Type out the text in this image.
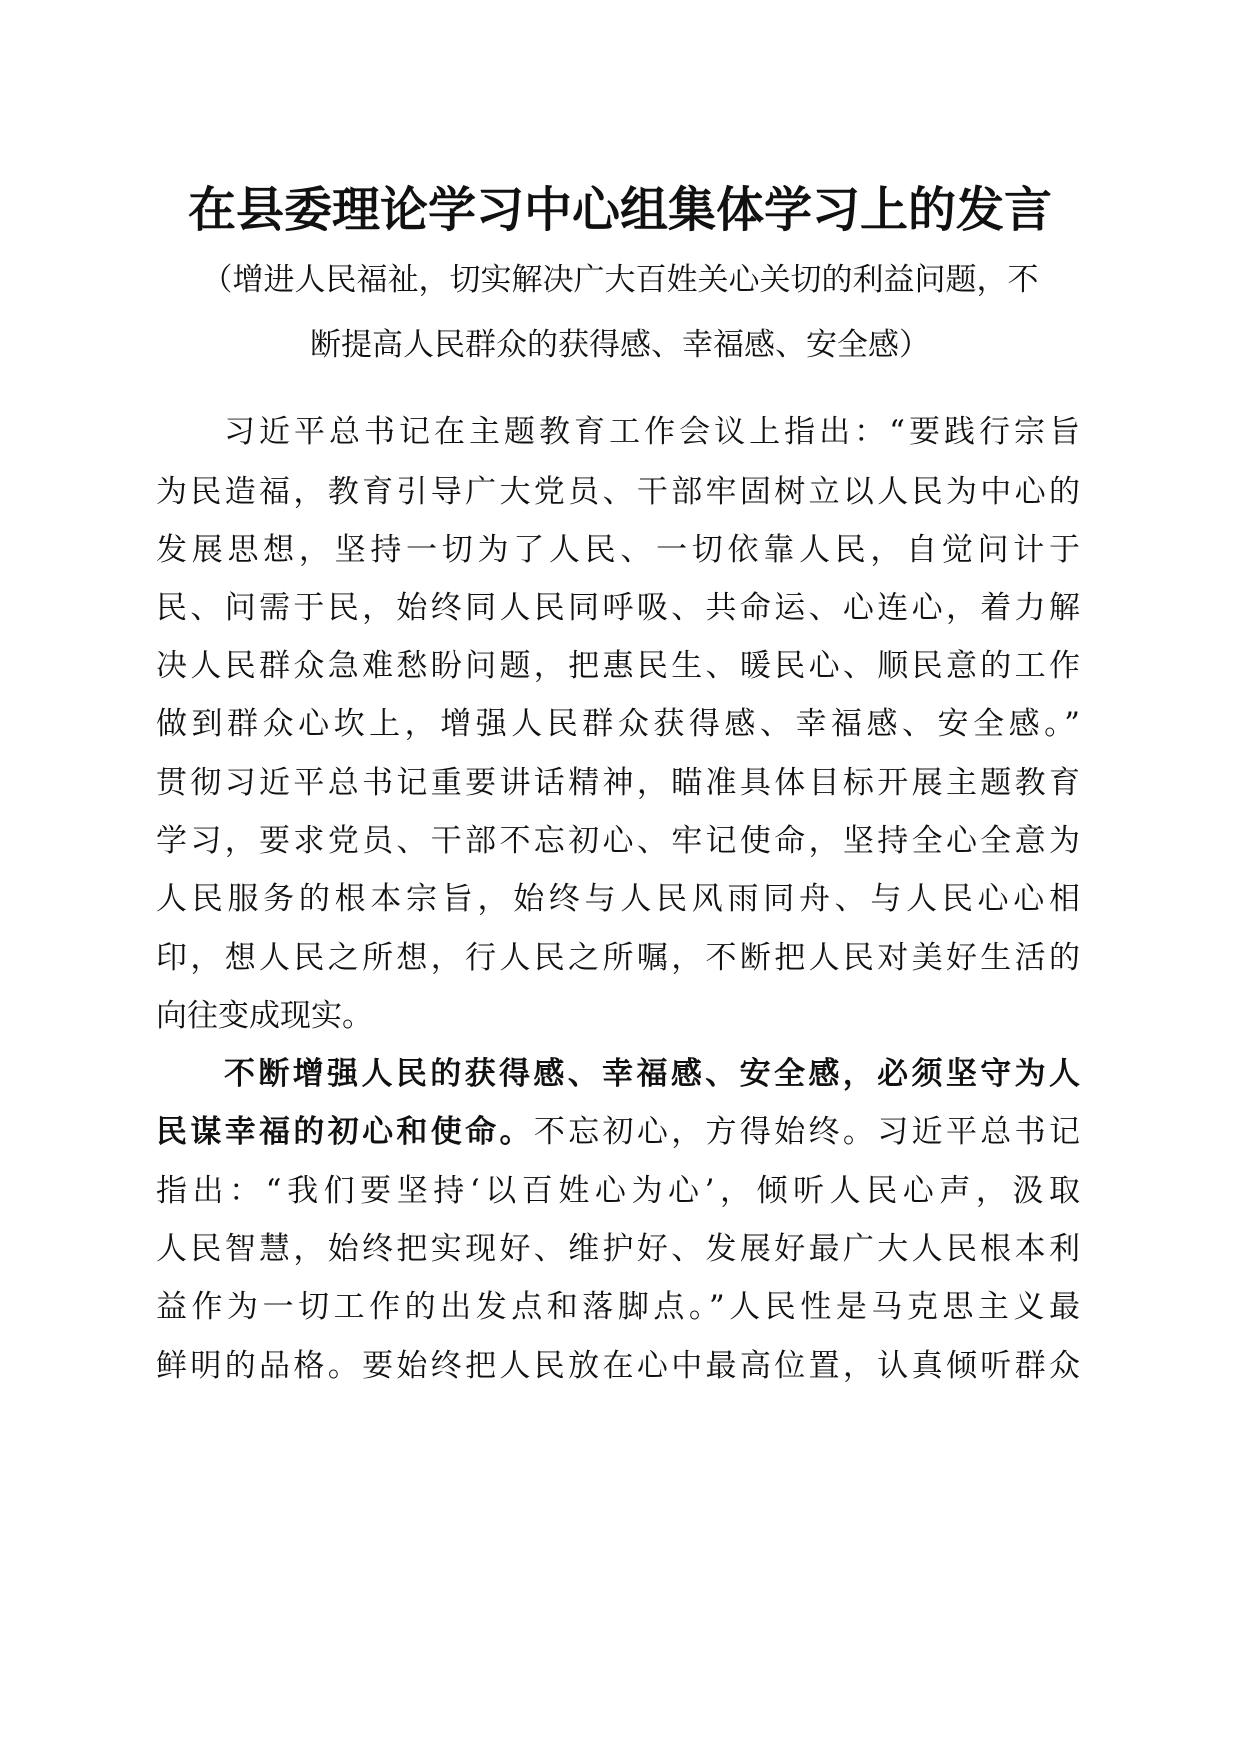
在县委理论学习中心组集体学习上的发言

（增进人民福祉，切实解决广大百姓关心关切的利益问题，不

断提高人民群众的获得感、幸福感、安全感）

习近平总书记在主题教育工作会议上指出：“要践行宗旨

为民造福，教育引导广大党员、干部牢固树立以人民为中心的

发展思想，坚持一切为了人民、一切依靠人民，自觉问计于

民、问需于民，始终同人民同呼吸、共命运、心连心，着力解

决人民群众急难愁盼问题，把惠民生、暖民心、顺民意的工作

做到群众心坎上，增强人民群众获得感、幸福感、安全感。”

贯彻习近平总书记重要讲话精神，瞄准具体目标开展主题教育

学习，要求党员、干部不忘初心、牢记使命，坚持全心全意为

人民服务的根本宗旨，始终与人民风雨同舟、与人民心心相

印，想人民之所想，行人民之所嘱，不断把人民对美好生活的

向往变成现实。

不断增强人民的获得感、幸福感、安全感，必须坚守为人

民谋幸福的初心和使命。不忘初心，方得始终。习近平总书记

指出：“我们要坚持‘以百姓心为心’，倾听人民心声，汲取

人民智慧，始终把实现好、维护好、发展好最广大人民根本利

益作为一切工作的出发点和落脚点。”人民性是马克思主义最

鲜明的品格。要始终把人民放在心中最高位置，认真倾听群众
